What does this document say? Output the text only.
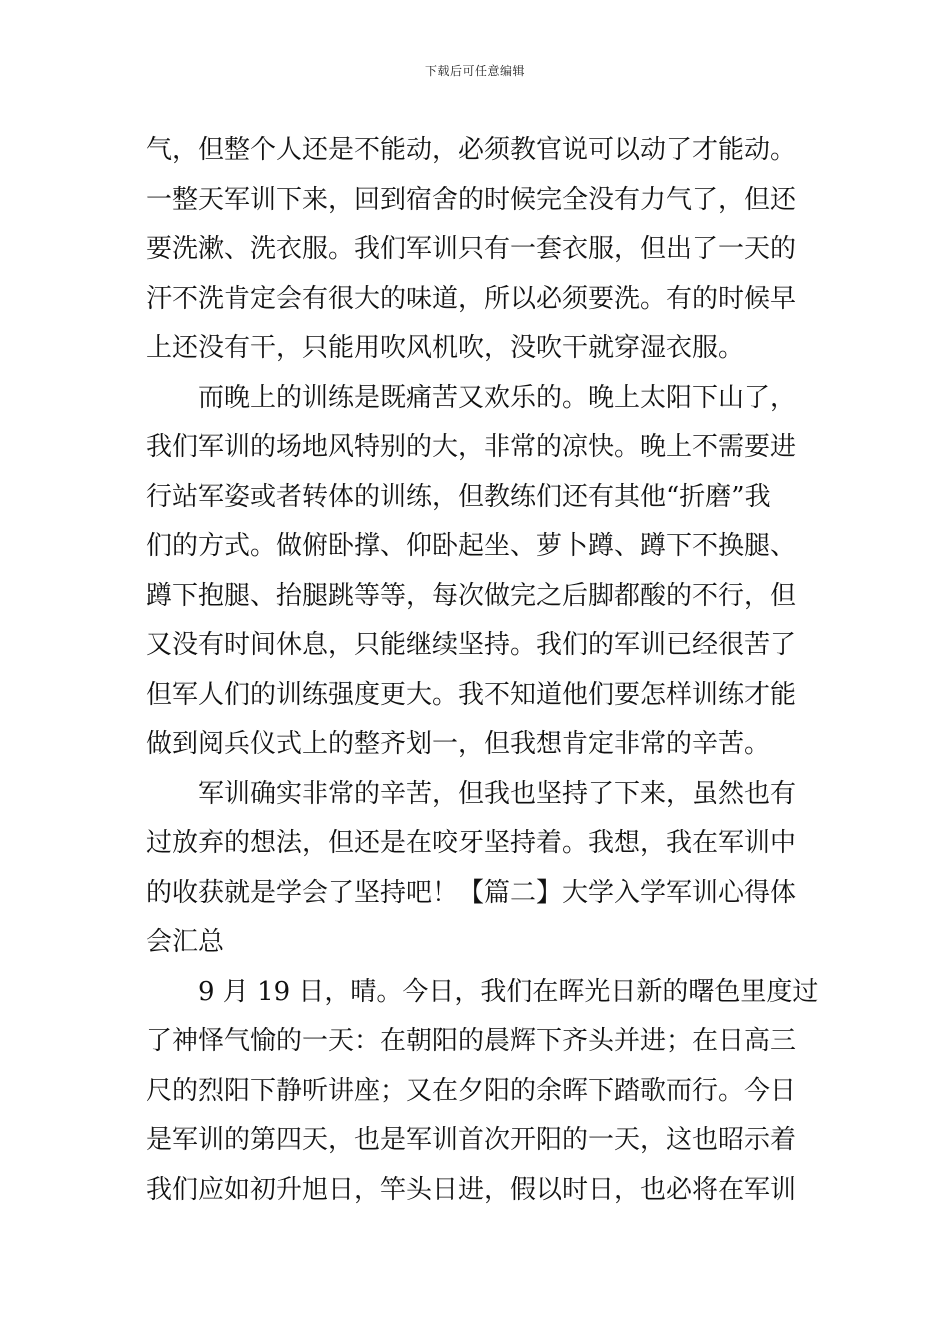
下载后可任意编辑
气，但整个人还是不能动，必须教官说可以动了才能动。
一整天军训下来，回到宿舍的时候完全没有力气了，但还
要洗漱、洗衣服。我们军训只有一套衣服，但出了一天的
汗不洗肯定会有很大的味道，所以必须要洗。有的时候早
上还没有干，只能用吹风机吹，没吹干就穿湿衣服。
而晚上的训练是既痛苦又欢乐的。晚上太阳下山了，
我们军训的场地风特别的大，非常的凉快。晚上不需要进
行站军姿或者转体的训练，但教练们还有其他“折磨”我
们的方式。做俯卧撑、仰卧起坐、萝卜蹲、蹲下不换腿、
蹲下抱腿、抬腿跳等等，每次做完之后脚都酸的不行，但
又没有时间休息，只能继续坚持。我们的军训已经很苦了
但军人们的训练强度更大。我不知道他们要怎样训练才能
做到阅兵仪式上的整齐划一，但我想肯定非常的辛苦。
军训确实非常的辛苦，但我也坚持了下来，虽然也有
过放弃的想法，但还是在咬牙坚持着。我想，我在军训中
的收获就是学会了坚持吧！【篇二】大学入学军训心得体
会汇总
9 月 19 日，晴。今日，我们在晖光日新的曙色里度过
了神怿气愉的一天：在朝阳的晨辉下齐头并进；在日高三
尺的烈阳下静听讲座；又在夕阳的余晖下踏歌而行。今日
是军训的第四天，也是军训首次开阳的一天，这也昭示着
我们应如初升旭日，竿头日进，假以时日，也必将在军训
